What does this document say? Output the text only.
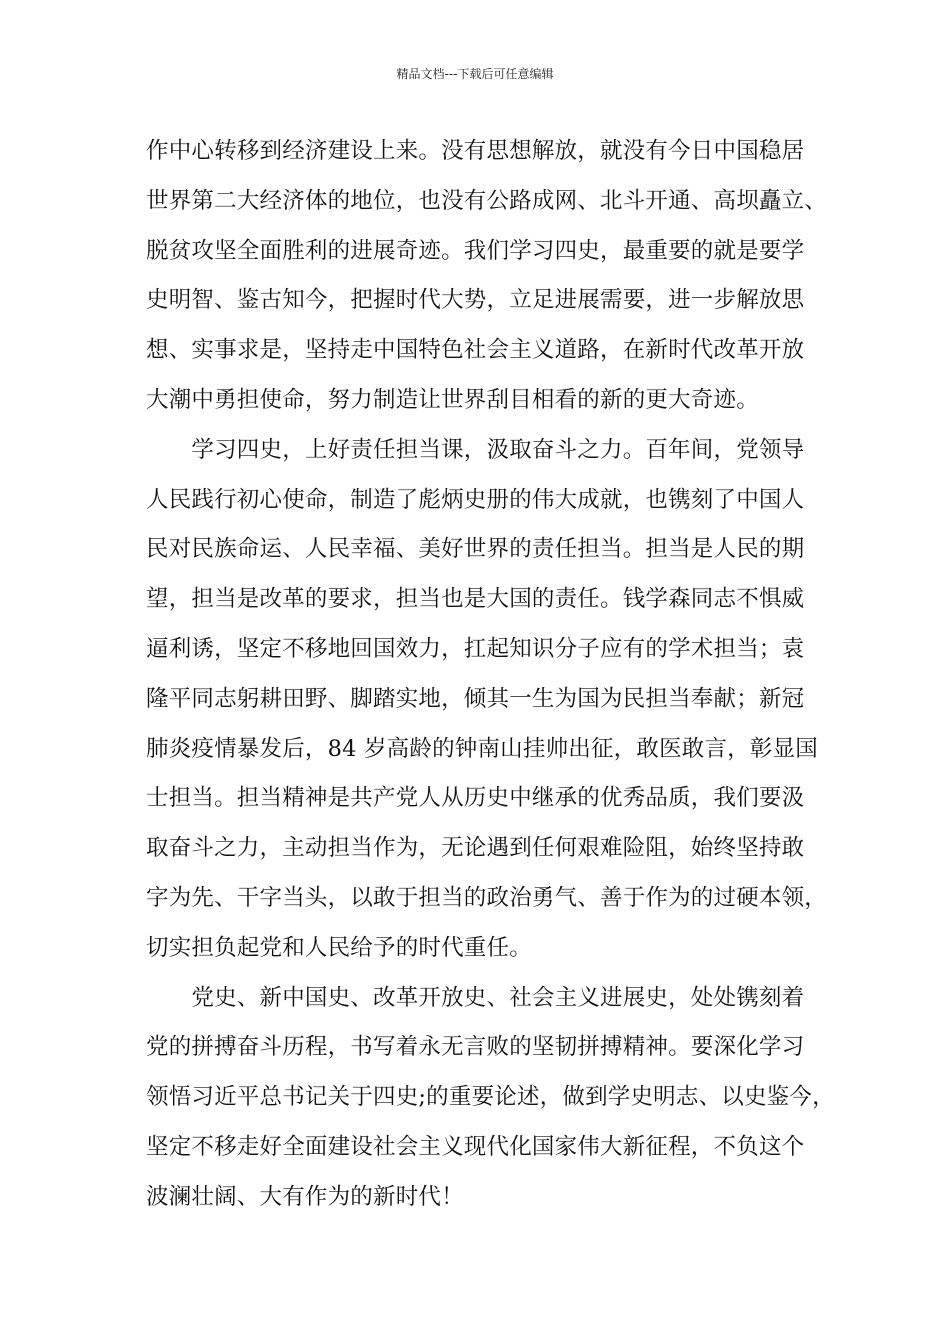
精品文档---下载后可任意编辑
作中心转移到经济建设上来。没有思想解放，就没有今日中国稳居
世界第二大经济体的地位，也没有公路成网、北斗开通、高坝矗立、
脱贫攻坚全面胜利的进展奇迹。我们学习四史，最重要的就是要学
史明智、鉴古知今，把握时代大势，立足进展需要，进一步解放思
想、实事求是，坚持走中国特色社会主义道路，在新时代改革开放
大潮中勇担使命，努力制造让世界刮目相看的新的更大奇迹。
　　学习四史，上好责任担当课，汲取奋斗之力。百年间，党领导
人民践行初心使命，制造了彪炳史册的伟大成就，也镌刻了中国人
民对民族命运、人民幸福、美好世界的责任担当。担当是人民的期
望，担当是改革的要求，担当也是大国的责任。钱学森同志不惧威
逼利诱，坚定不移地回国效力，扛起知识分子应有的学术担当；袁
隆平同志躬耕田野、脚踏实地，倾其一生为国为民担当奉献；新冠
肺炎疫情暴发后，84 岁高龄的钟南山挂帅出征，敢医敢言，彰显国
士担当。担当精神是共产党人从历史中继承的优秀品质，我们要汲
取奋斗之力，主动担当作为，无论遇到任何艰难险阻，始终坚持敢
字为先、干字当头，以敢于担当的政治勇气、善于作为的过硬本领，
切实担负起党和人民给予的时代重任。
　　党史、新中国史、改革开放史、社会主义进展史，处处镌刻着
党的拼搏奋斗历程，书写着永无言败的坚韧拼搏精神。要深化学习
领悟习近平总书记关于四史;的重要论述，做到学史明志、以史鉴今，
坚定不移走好全面建设社会主义现代化国家伟大新征程，不负这个
波澜壮阔、大有作为的新时代！
